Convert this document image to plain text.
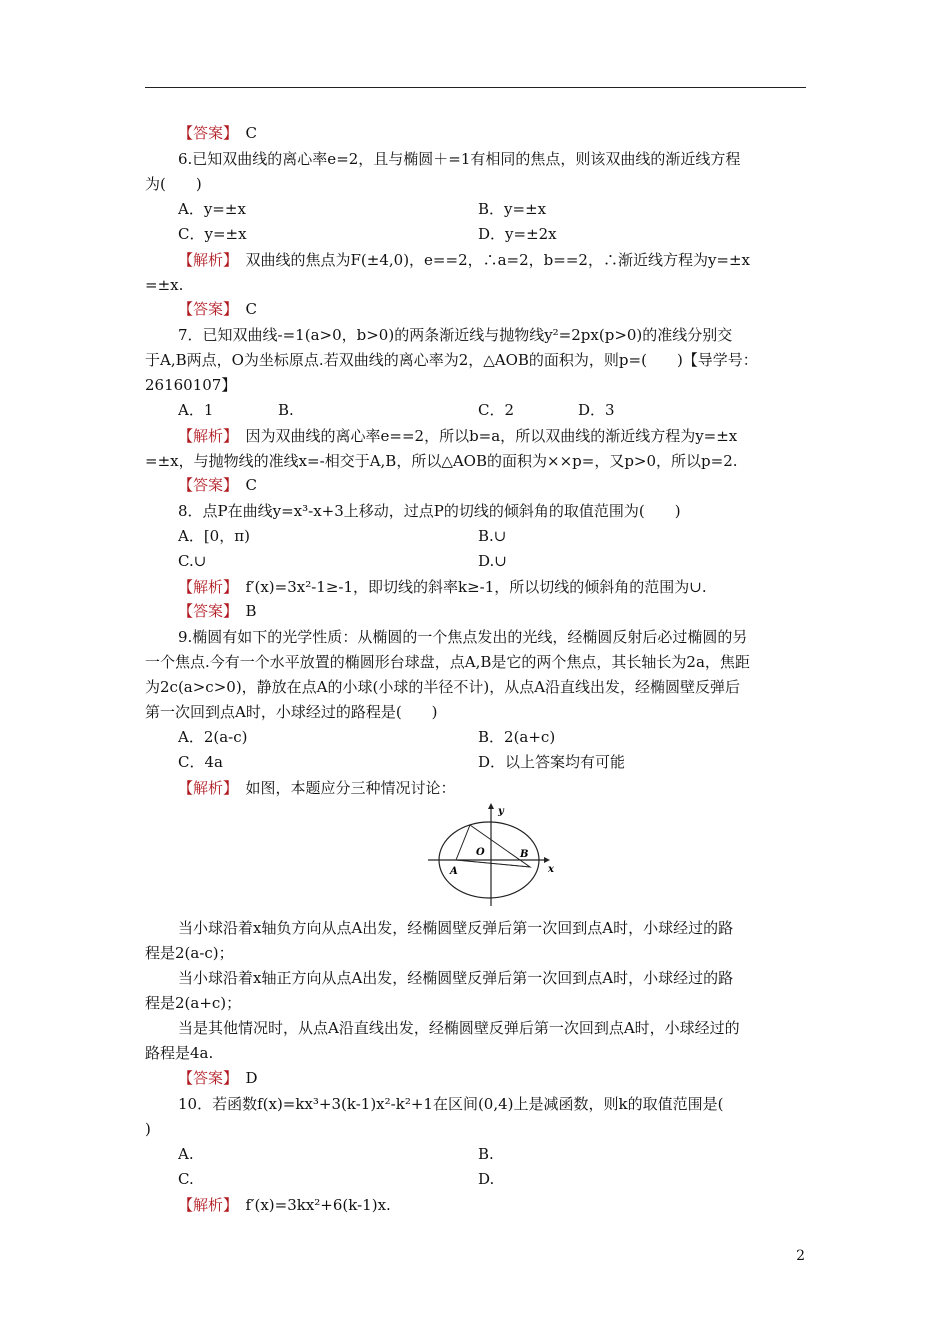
【答案】　C
6.已知双曲线的离心率e=2，且与椭圆＋=1有相同的焦点，则该双曲线的渐近线方程
为(　　)
A．y=±x	B．y=±x
C．y=±x	D．y=±2x
【解析】　双曲线的焦点为F(±4,0)，e==2，∴a=2，b==2，∴渐近线方程为y=±x
=±x.
【答案】　C
7．已知双曲线-=1(a>0，b>0)的两条渐近线与抛物线y²=2px(p>0)的准线分别交
于A,B两点，O为坐标原点.若双曲线的离心率为2，△AOB的面积为，则p=(　　)【导学号：
26160107】
A．1	B.	C．2	D．3
【解析】　因为双曲线的离心率e==2，所以b=a，所以双曲线的渐近线方程为y=±x
=±x，与抛物线的准线x=-相交于A,B，所以△AOB的面积为××p=，又p>0，所以p=2.
【答案】　C
8．点P在曲线y=x³-x+3上移动，过点P的切线的倾斜角的取值范围为(　　)
A．[0，π)	B.∪
C.∪	D.∪
【解析】　f′(x)=3x²-1≥-1，即切线的斜率k≥-1，所以切线的倾斜角的范围为∪.
【答案】　B
9.椭圆有如下的光学性质：从椭圆的一个焦点发出的光线，经椭圆反射后必过椭圆的另
一个焦点.今有一个水平放置的椭圆形台球盘，点A,B是它的两个焦点，其长轴长为2a，焦距
为2c(a>c>0)，静放在点A的小球(小球的半径不计)，从点A沿直线出发，经椭圆壁反弹后
第一次回到点A时，小球经过的路程是(　　)
A．2(a-c)	B．2(a+c)
C．4a	D．以上答案均有可能
【解析】　如图，本题应分三种情况讨论：
当小球沿着x轴负方向从点A出发，经椭圆壁反弹后第一次回到点A时，小球经过的路
程是2(a-c)；
当小球沿着x轴正方向从点A出发，经椭圆壁反弹后第一次回到点A时，小球经过的路
程是2(a+c)；
当是其他情况时，从点A沿直线出发，经椭圆壁反弹后第一次回到点A时，小球经过的
路程是4a.
【答案】　D
10．若函数f(x)=kx³+3(k-1)x²-k²+1在区间(0,4)上是减函数，则k的取值范围是(
)
A.	B.
C.	D.
【解析】　f′(x)=3kx²+6(k-1)x.
y
x
O	B
A
2
